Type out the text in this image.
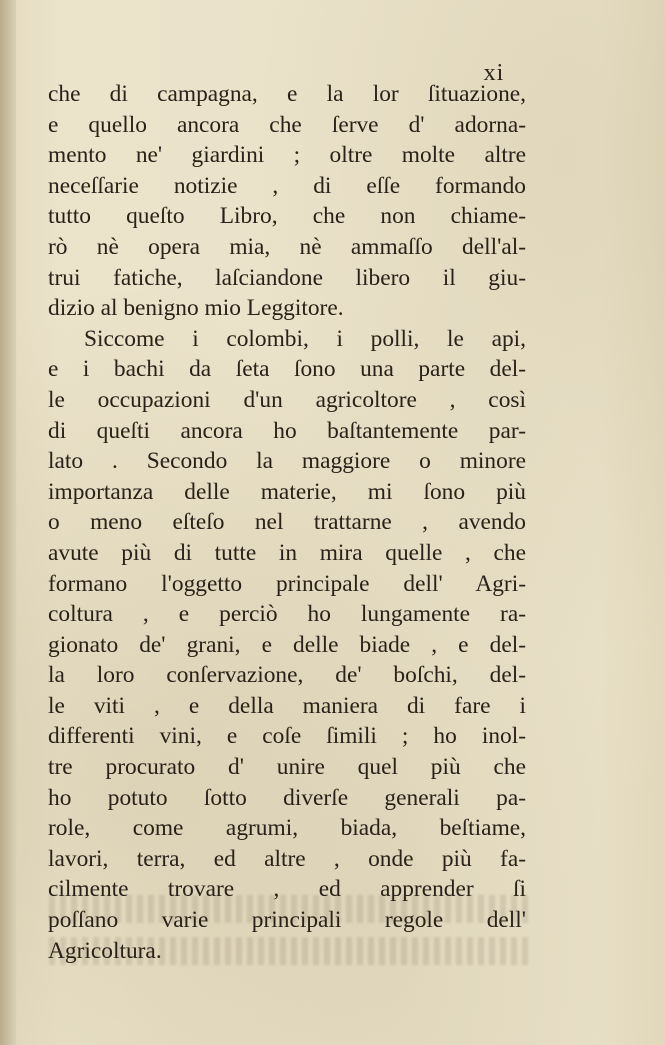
xi
che di campagna, e la lor ſituazione,
e quello ancora che ſerve d' adorna-
mento ne' giardini ; oltre molte altre
neceſſarie notizie , di eſſe formando
tutto queſto Libro, che non chiame-
rò nè opera mia, nè ammaſſo dell'al-
trui fatiche, laſciandone libero il giu-
dizio al benigno mio Leggitore.
Siccome i colombi, i polli, le api,
e i bachi da ſeta ſono una parte del-
le occupazioni d'un agricoltore , così
di queſti ancora ho baſtantemente par-
lato . Secondo la maggiore o minore
importanza delle materie, mi ſono più
o meno eſteſo nel trattarne , avendo
avute più di tutte in mira quelle , che
formano l'oggetto principale dell' Agri-
coltura , e perciò ho lungamente ra-
gionato de' grani, e delle biade , e del-
la loro conſervazione, de' boſchi, del-
le viti , e della maniera di fare i
differenti vini, e coſe ſimili ; ho inol-
tre procurato d' unire quel più che
ho potuto ſotto diverſe generali pa-
role, come agrumi, biada, beſtiame,
lavori, terra, ed altre , onde più fa-
cilmente trovare , ed apprender ſi
poſſano varie principali regole dell'
Agricoltura.
